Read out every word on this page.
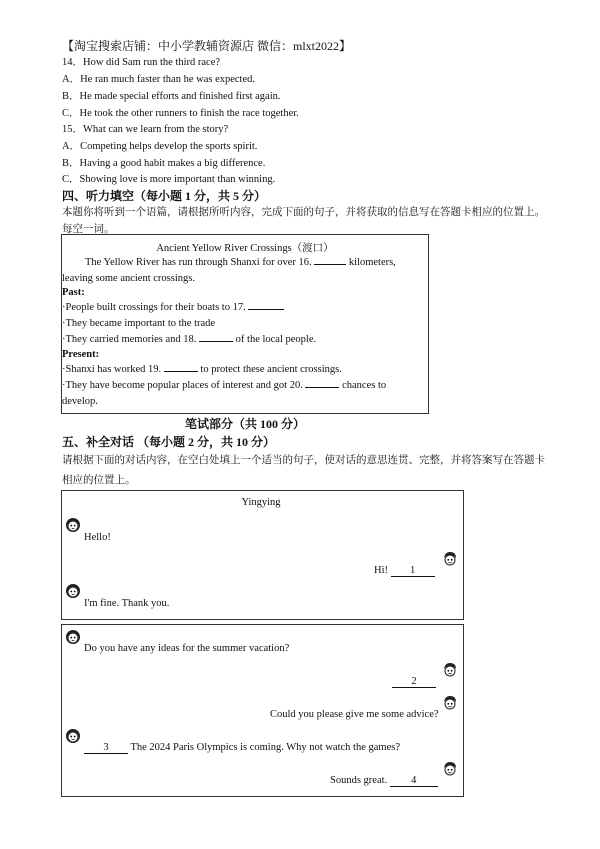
【淘宝搜索店铺：中小学教辅资源店 微信：mlxt2022】
14．How did Sam run the third race?
A．He ran much faster than he was expected.
B．He made special efforts and finished first again.
C．He took the other runners to finish the race together.
15．What can we learn from the story?
A．Competing helps develop the sports spirit.
B．Having a good habit makes a big difference.
C．Showing love is more important than winning.
四、听力填空（每小题 1 分，共 5 分）
本题你将听到一个语篇，请根据所听内容，完成下面的句子，并将获取的信息写在答题卡相应的位置上。
每空一词。
Ancient Yellow River Crossings（渡口）
The Yellow River has run through Shanxi for over 16.	kilometers,
leaving some ancient crossings.
Past:
·People built crossings for their boats to 17.
·They became important to the trade
·They carried memories and 18.	of the local people.
Present:
·Shanxi has worked 19.	to protect these ancient crossings.
·They have become popular places of interest and got 20.	chances to
develop.
笔试部分（共 100 分）
五、补全对话 （每小题 2 分，共 10 分）
请根据下面的对话内容，在空白处填上一个适当的句子，使对话的意思连贯、完整，并将答案写在答题卡
相应的位置上。
Yingying
Hello!
Hi! 1
I'm fine. Thank you.
Do you have any ideas for the summer vacation?
2
Could you please give me some advice?
3 The 2024 Paris Olympics is coming. Why not watch the games?
Sounds great. 4
